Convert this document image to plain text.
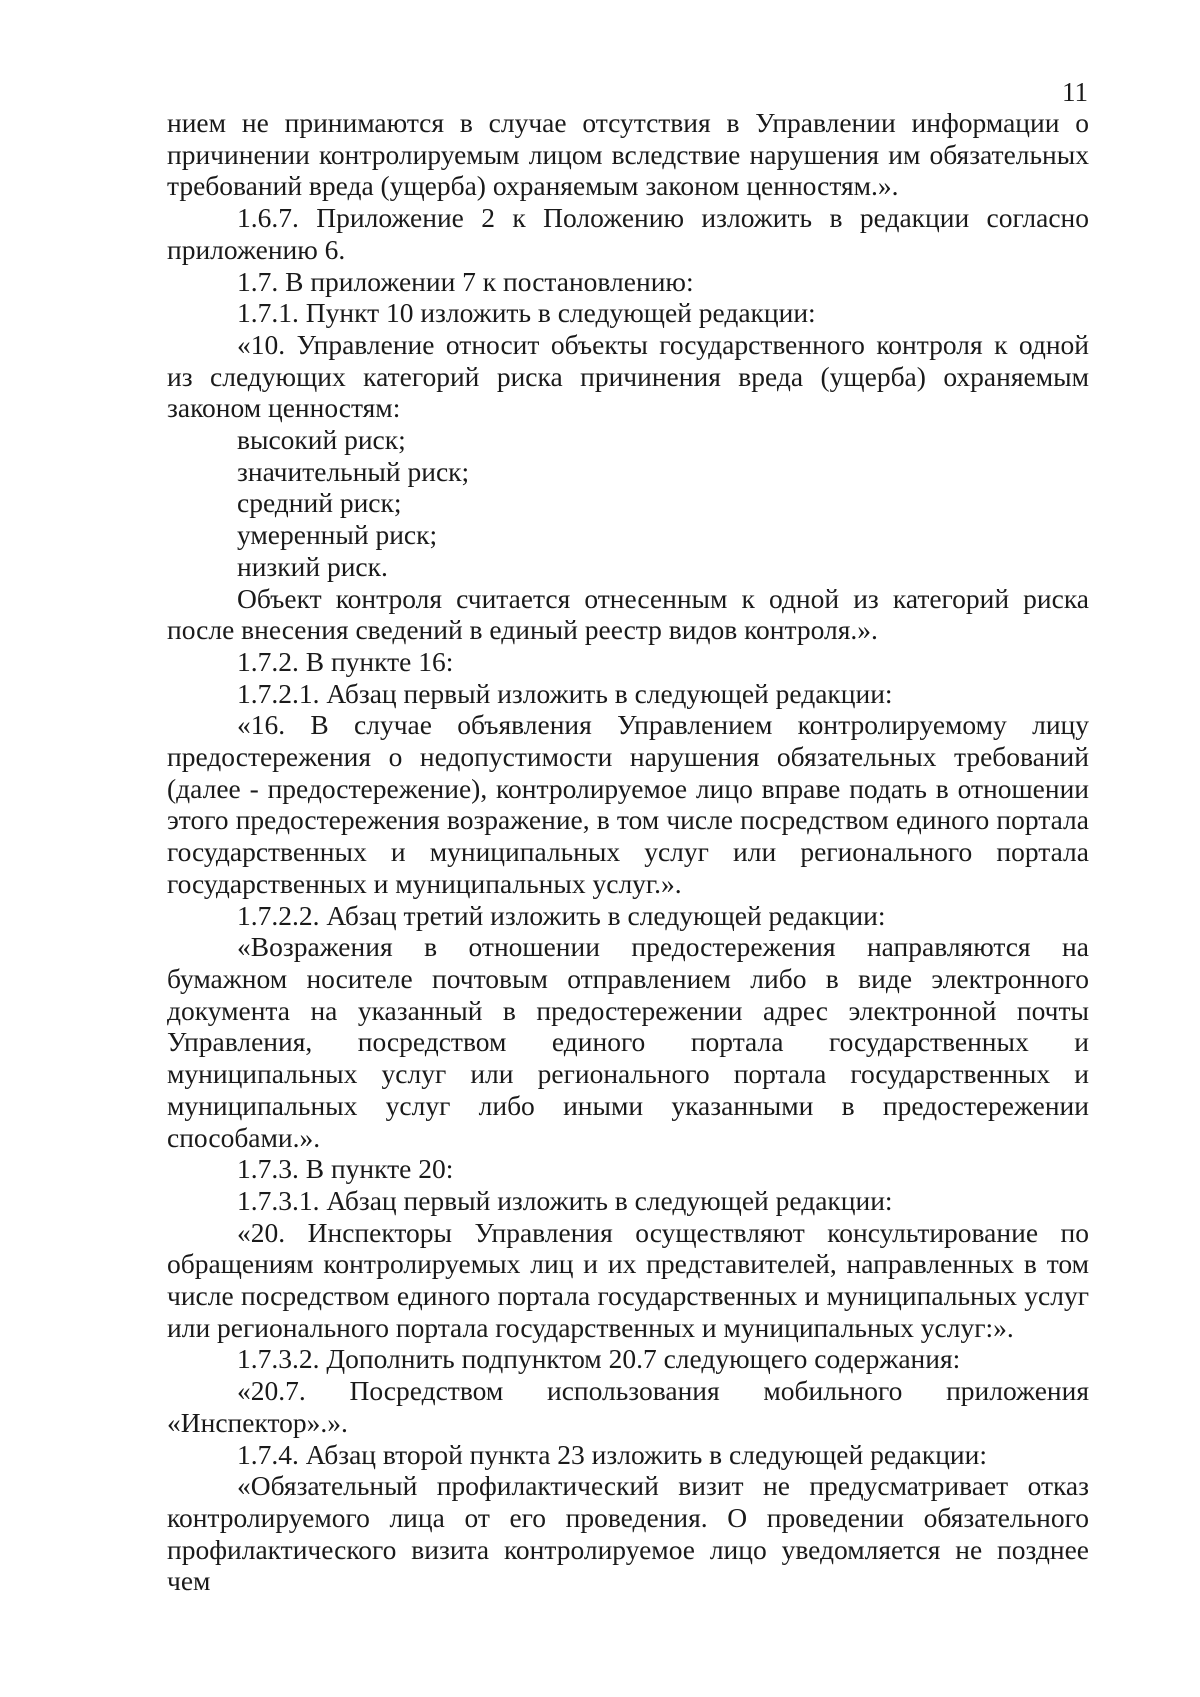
11

нием не принимаются в случае отсутствия в Управлении информации о причинении контролируемым лицом вследствие нарушения им обязательных требований вреда (ущерба) охраняемым законом ценностям.».

1.6.7. Приложение 2 к Положению изложить в редакции согласно приложению 6.

1.7. В приложении 7 к постановлению:

1.7.1. Пункт 10 изложить в следующей редакции:

«10. Управление относит объекты государственного контроля к одной из следующих категорий риска причинения вреда (ущерба) охраняемым законом ценностям:

высокий риск;

значительный риск;

средний риск;

умеренный риск;

низкий риск.

Объект контроля считается отнесенным к одной из категорий риска после внесения сведений в единый реестр видов контроля.».

1.7.2. В пункте 16:

1.7.2.1. Абзац первый изложить в следующей редакции:

«16. В случае объявления Управлением контролируемому лицу предостережения о недопустимости нарушения обязательных требований (далее - предостережение), контролируемое лицо вправе подать в отношении этого предостережения возражение, в том числе посредством единого портала государственных и муниципальных услуг или регионального портала государственных и муниципальных услуг.».

1.7.2.2. Абзац третий изложить в следующей редакции:

«Возражения в отношении предостережения направляются на бумажном носителе почтовым отправлением либо в виде электронного документа на указанный в предостережении адрес электронной почты Управления, посредством единого портала государственных и муниципальных услуг или регионального портала государственных и муниципальных услуг либо иными указанными в предостережении способами.».

1.7.3. В пункте 20:

1.7.3.1. Абзац первый изложить в следующей редакции:

«20. Инспекторы Управления осуществляют консультирование по обращениям контролируемых лиц и их представителей, направленных в том числе посредством единого портала государственных и муниципальных услуг или регионального портала государственных и муниципальных услуг:».

1.7.3.2. Дополнить подпунктом 20.7 следующего содержания:

«20.7. Посредством использования мобильного приложения «Инспектор».».

1.7.4. Абзац второй пункта 23 изложить в следующей редакции:

«Обязательный профилактический визит не предусматривает отказ контролируемого лица от его проведения. О проведении обязательного профилактического визита контролируемое лицо уведомляется не позднее чем
